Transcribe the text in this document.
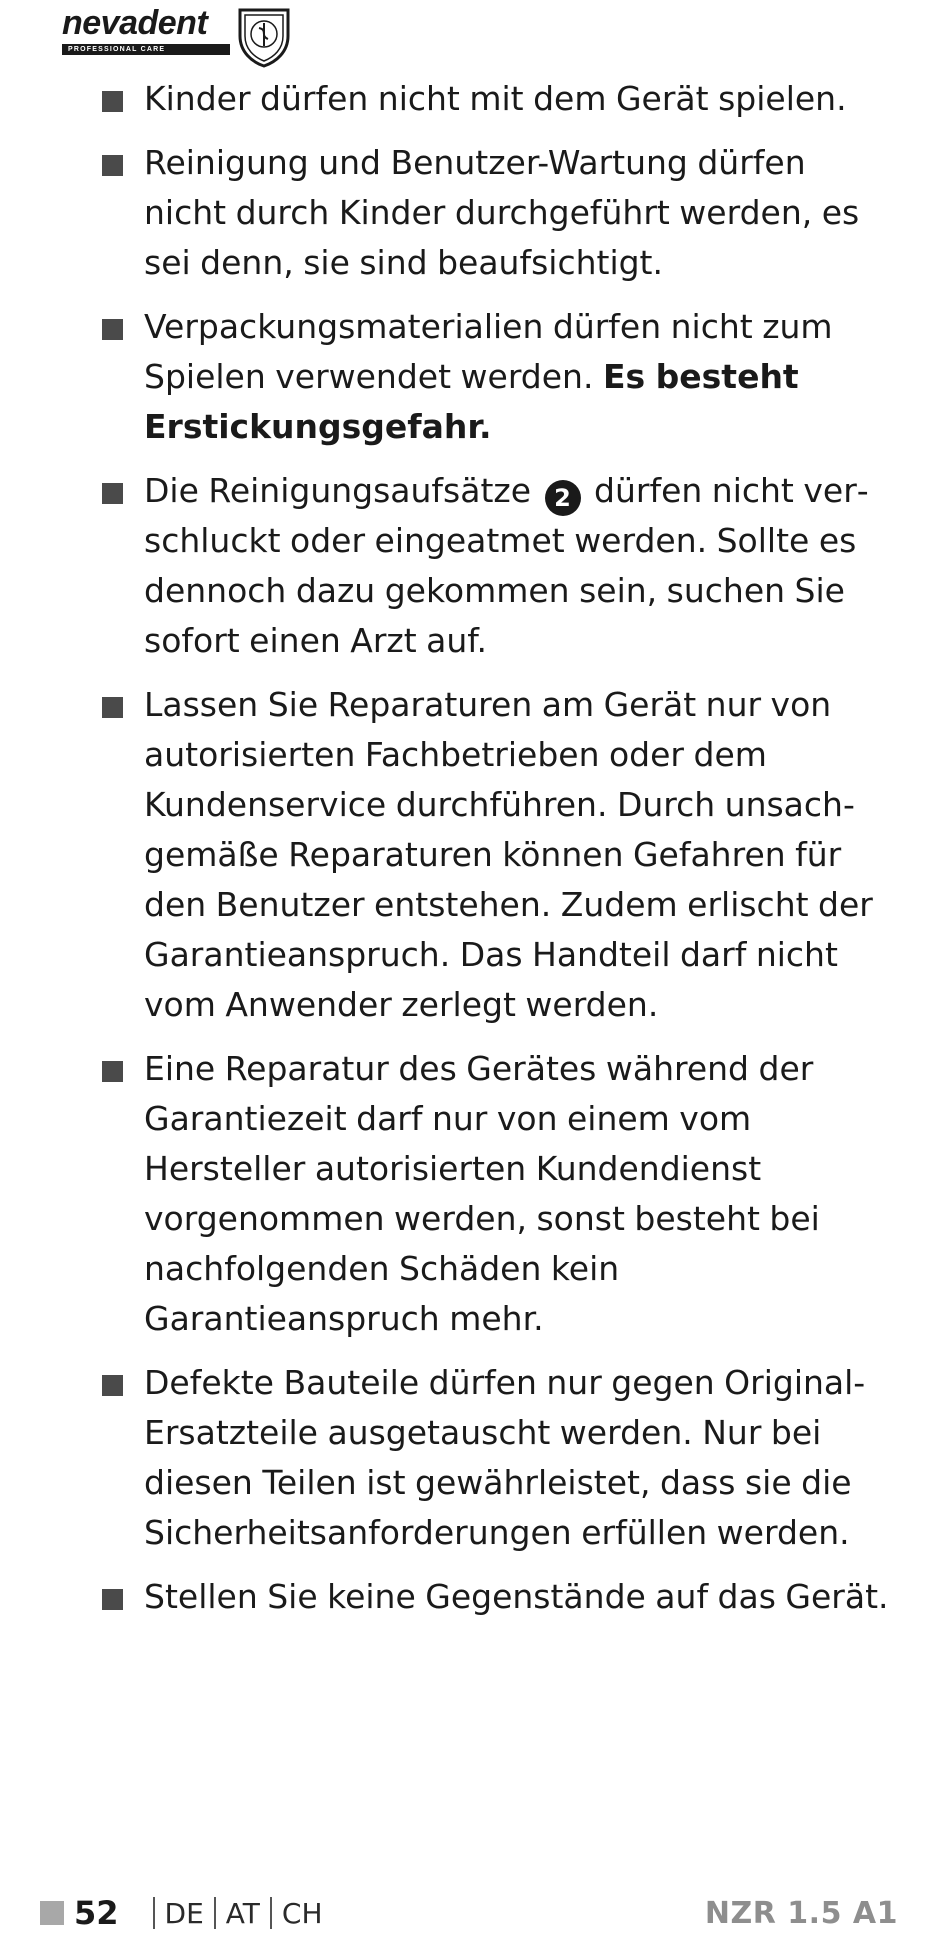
nevadent
PROFESSIONAL CARE
Kinder dürfen nicht mit dem Gerät spielen.
Reinigung und Benutzer-Wartung dürfen nicht durch Kinder durchgeführt werden, es sei denn, sie sind beaufsichtigt.
Verpackungsmaterialien dürfen nicht zum Spielen verwendet werden. Es besteht Erstickungsgefahr.
Die Reinigungsaufsätze 2 dürfen nicht verschluckt oder eingeatmet werden. Sollte es dennoch dazu gekommen sein, suchen Sie sofort einen Arzt auf.
Lassen Sie Reparaturen am Gerät nur von autorisierten Fachbetrieben oder dem Kundenservice durchführen. Durch unsachgemäße Reparaturen können Gefahren für den Benutzer entstehen. Zudem erlischt der Garantieanspruch. Das Handteil darf nicht vom Anwender zerlegt werden.
Eine Reparatur des Gerätes während der Garantiezeit darf nur von einem vom Hersteller autorisierten Kundendienst vorgenommen werden, sonst besteht bei nachfolgenden Schäden kein Garantieanspruch mehr.
Defekte Bauteile dürfen nur gegen Original-Ersatzteile ausgetauscht werden. Nur bei diesen Teilen ist gewährleistet, dass sie die Sicherheitsanforderungen erfüllen werden.
Stellen Sie keine Gegenstände auf das Gerät.
52 DE AT CH	NZR 1.5 A1
